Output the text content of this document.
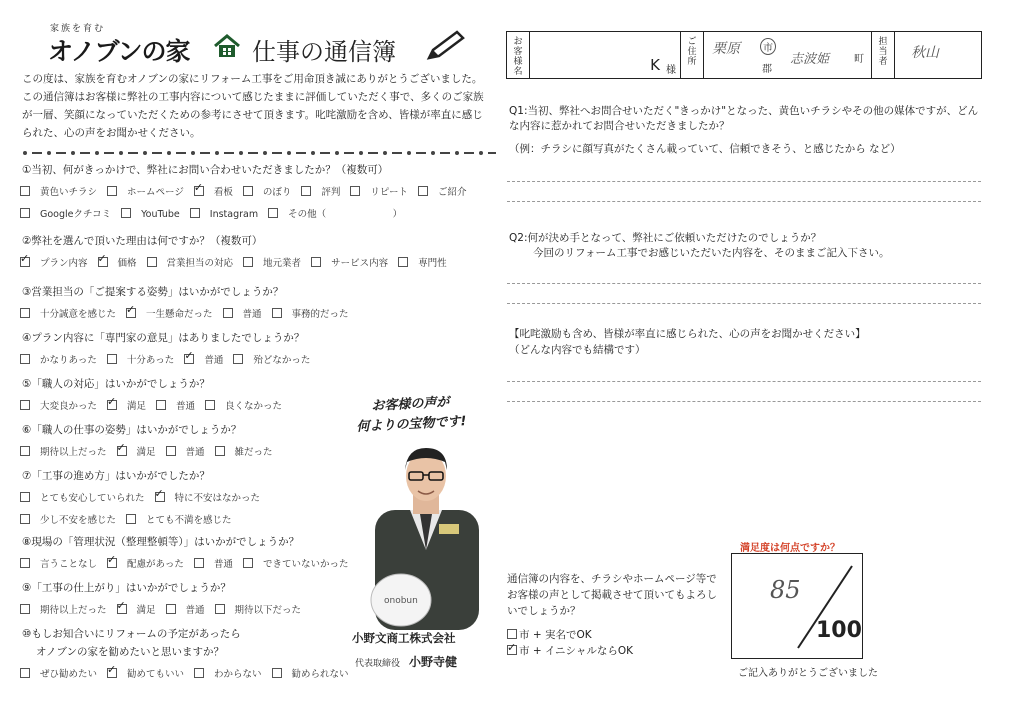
家族を育む
オノブンの家	仕事の通信簿
この度は、家族を育むオノブンの家にリフォーム工事をご用命頂き誠にありがとうございました。この通信簿はお客様に弊社の工事内容について感じたままに評価していただく事で、多くのご家族が一層、笑顔になっていただくための参考にさせて頂きます。叱咤激励を含め、皆様が率直に感じられた、心の声をお聞かせください。
①当初、何がきっかけで、弊社にお問い合わせいただきましたか？（複数可）
黄色いチラシ	ホームページ ✓	看板	のぼり	評判	リピート	ご紹介
Googleクチコミ	YouTube	Instagram	その他（　　　　　　　）
②弊社を選んで頂いた理由は何ですか？（複数可）
✓プラン内容 ✓	価格	営業担当の対応	地元業者	サービス内容	専門性
③営業担当の「ご提案する姿勢」はいかがでしょうか？
十分誠意を感じた ✓	一生懸命だった	普通	事務的だった
④プラン内容に「専門家の意見」はありましたでしょうか？
かなりあった	十分あった ✓	普通	殆どなかった
⑤「職人の対応」はいかがでしょうか？
大変良かった ✓	満足	普通	良くなかった
⑥「職人の仕事の姿勢」はいかがでしょうか？
期待以上だった ✓	満足	普通	雑だった
⑦「工事の進め方」はいかがでしたか？
とても安心していられた ✓	特に不安はなかった
少し不安を感じた	とても不満を感じた
⑧現場の「管理状況（整理整頓等）」はいかがでしょうか？
言うことなし ✓	配慮があった	普通	できていないかった
⑨「工事の仕上がり」はいかがでしょうか？
期待以上だった ✓	満足	普通	期待以下だった
⑩もしお知合いにリフォームの予定があったら
オノブンの家を勧めたいと思いますか？
ぜひ勧めたい ✓	勧めてもいい	わからない	勧められない
お客様の声が
何よりの宝物です!
onobun
小野文商工株式会社
代表取締役　 小野寺健
お
客
様
名	K 様
ご
住
所
栗原	市
郡
志波姫 町
担
当
者
秋山
Q1:当初、弊社へお問合せいただく"きっかけ"となった、黄色いチラシやその他の媒体ですが、どんな内容に惹かれてお問合せいただきましたか？
（例：チラシに顔写真がたくさん載っていて、信頼できそう、と感じたから など）
Q2:何が決め手となって、弊社にご依頼いただけたのでしょうか？
今回のリフォーム工事でお感じいただいた内容を、そのままご記入下さい。
【叱咤激励も含め、皆様が率直に感じられた、心の声をお聞かせください】
（どんな内容でも結構です）
通信簿の内容を、チラシやホームページ等でお客様の声として掲載させて頂いてもよろしいでしょうか？
市 + 実名でOK
✓市 + イニシャルならOK
満足度は何点ですか？
85
100
ご記入ありがとうございました
